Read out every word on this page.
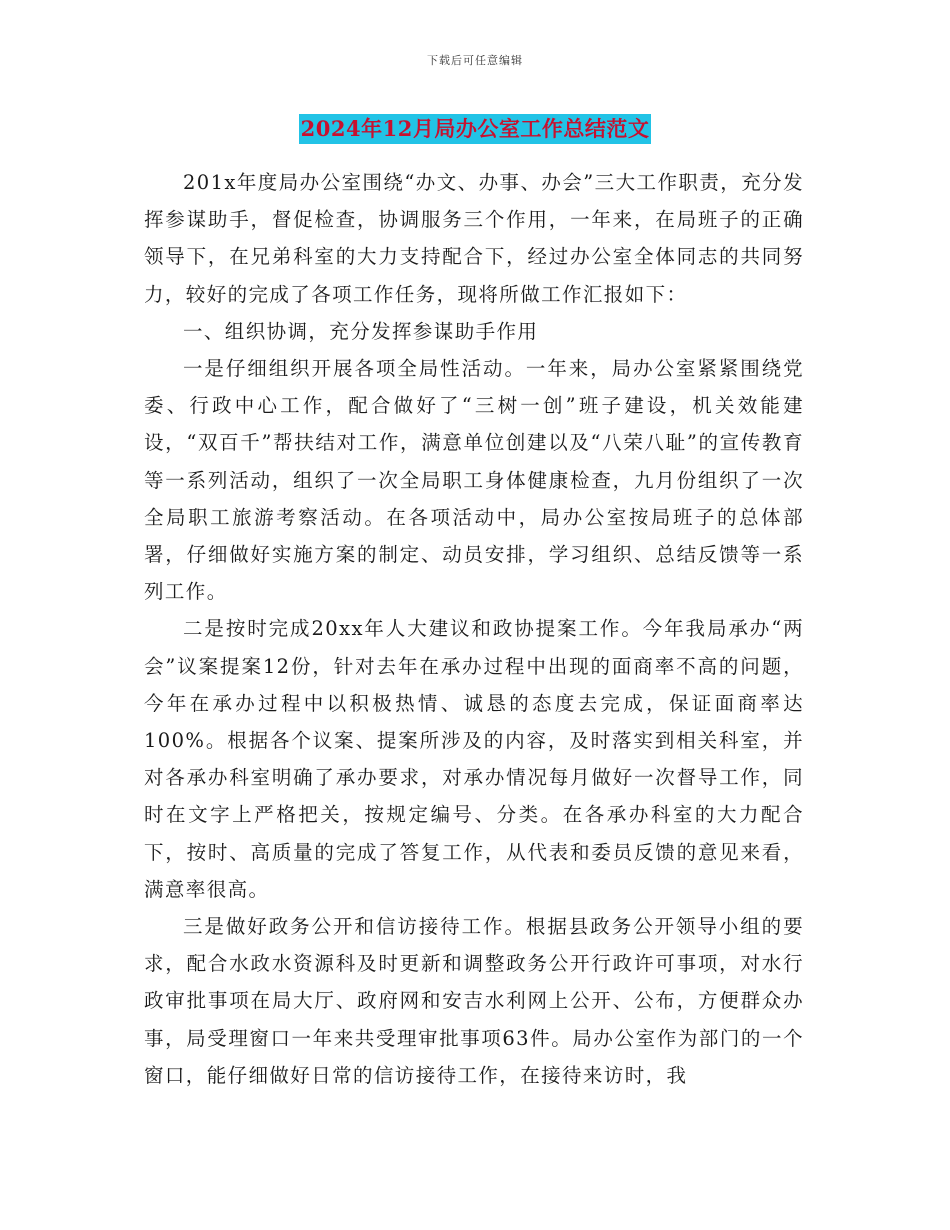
下载后可任意编辑
2024年12月局办公室工作总结范文

201x年度局办公室围绕“办文、办事、办会”三大工作职责，充分发挥参谋助手，督促检查，协调服务三个作用，一年来，在局班子的正确领导下，在兄弟科室的大力支持配合下，经过办公室全体同志的共同努力，较好的完成了各项工作任务，现将所做工作汇报如下：

一、组织协调，充分发挥参谋助手作用

一是仔细组织开展各项全局性活动。一年来，局办公室紧紧围绕党委、行政中心工作，配合做好了“三树一创”班子建设，机关效能建设，“双百千”帮扶结对工作，满意单位创建以及“八荣八耻”的宣传教育等一系列活动，组织了一次全局职工身体健康检查，九月份组织了一次全局职工旅游考察活动。在各项活动中，局办公室按局班子的总体部署，仔细做好实施方案的制定、动员安排，学习组织、总结反馈等一系列工作。

二是按时完成20xx年人大建议和政协提案工作。今年我局承办“两会”议案提案12份，针对去年在承办过程中出现的面商率不高的问题，今年在承办过程中以积极热情、诚恳的态度去完成，保证面商率达100%。根据各个议案、提案所涉及的内容，及时落实到相关科室，并对各承办科室明确了承办要求，对承办情况每月做好一次督导工作，同时在文字上严格把关，按规定编号、分类。在各承办科室的大力配合下，按时、高质量的完成了答复工作，从代表和委员反馈的意见来看，满意率很高。

三是做好政务公开和信访接待工作。根据县政务公开领导小组的要求，配合水政水资源科及时更新和调整政务公开行政许可事项，对水行政审批事项在局大厅、政府网和安吉水利网上公开、公布，方便群众办事，局受理窗口一年来共受理审批事项63件。局办公室作为部门的一个窗口，能仔细做好日常的信访接待工作，在接待来访时，我
